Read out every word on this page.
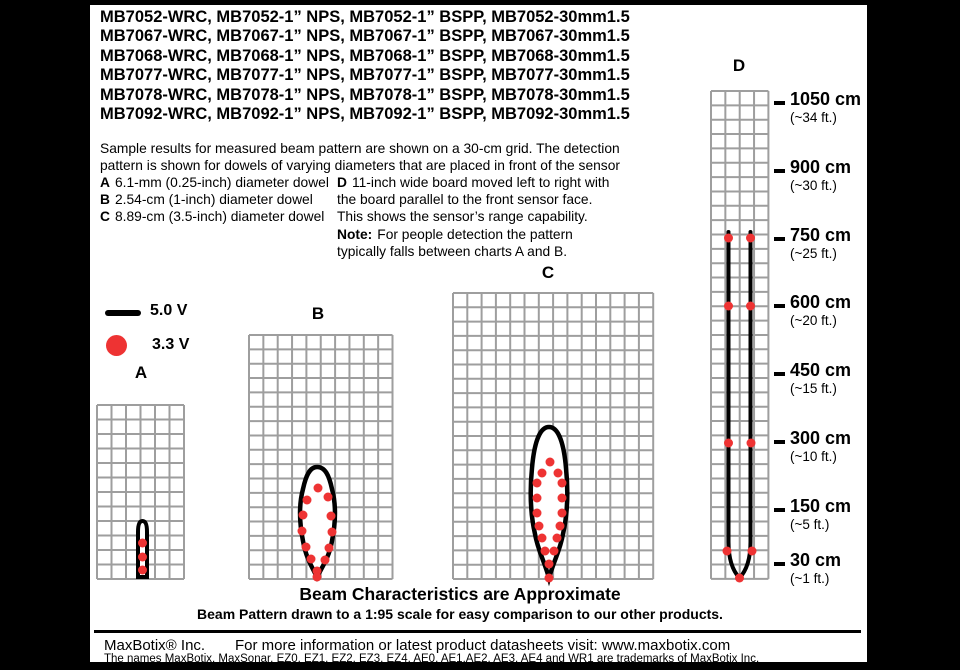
MB7052-WRC, MB7052-1” NPS, MB7052-1” BSPP, MB7052-30mm1.5
MB7067-WRC, MB7067-1” NPS, MB7067-1” BSPP, MB7067-30mm1.5
MB7068-WRC, MB7068-1” NPS, MB7068-1” BSPP, MB7068-30mm1.5
MB7077-WRC, MB7077-1” NPS, MB7077-1” BSPP, MB7077-30mm1.5
MB7078-WRC, MB7078-1” NPS, MB7078-1” BSPP, MB7078-30mm1.5
MB7092-WRC, MB7092-1” NPS, MB7092-1” BSPP, MB7092-30mm1.5
Sample results for measured beam pattern are shown on a 30-cm grid. The detection
pattern is shown for dowels of varying diameters that are placed in front of the sensor
A 6.1-mm (0.25-inch) diameter dowel
B 2.54-cm (1-inch) diameter dowel
C 8.89-cm (3.5-inch) diameter dowel
D 11-inch wide board moved left to right with
the board parallel to the front sensor face.
This shows the sensor’s range capability.
Note: For people detection the pattern
typically falls between charts A and B.
5.0 V
3.3 V
A
B
C
D
1050 cm
(~34 ft.)
900 cm
(~30 ft.)
750 cm
(~25 ft.)
600 cm
(~20 ft.)
450 cm
(~15 ft.)
300 cm
(~10 ft.)
150 cm
(~5 ft.)
30 cm
(~1 ft.)
Beam Characteristics are Approximate
Beam Pattern drawn to a 1:95 scale for easy comparison to our other products.
MaxBotix® Inc. For more information or latest product datasheets visit: www.maxbotix.com
The names MaxBotix, MaxSonar, EZ0, EZ1, EZ2, EZ3, EZ4, AE0, AE1,AE2, AE3, AE4 and WR1 are trademarks of MaxBotix Inc.
